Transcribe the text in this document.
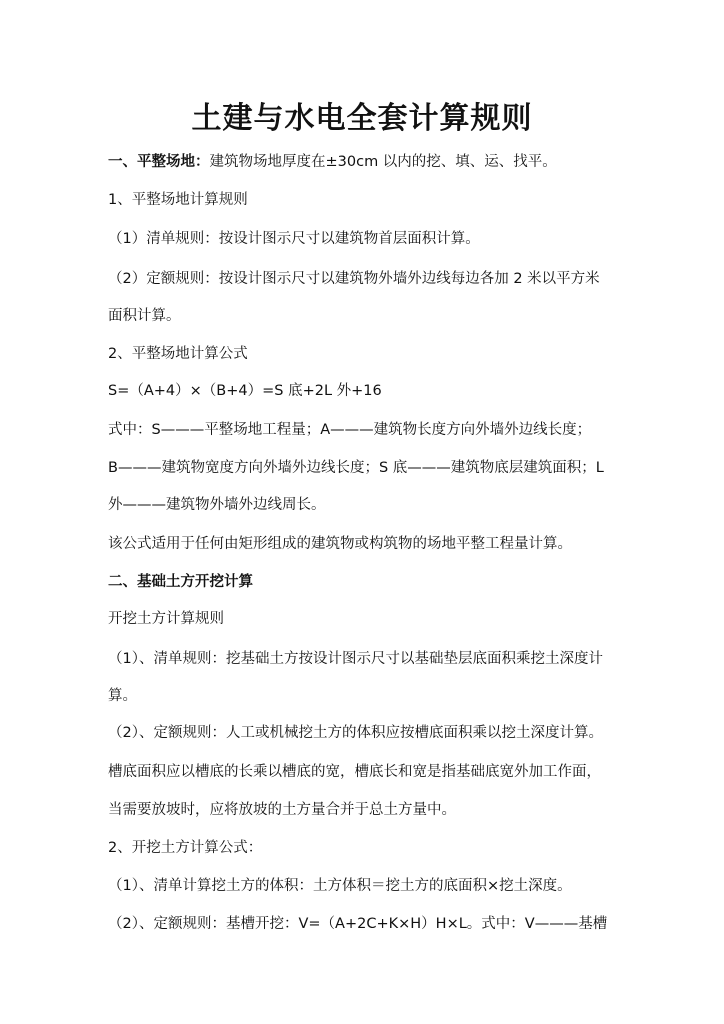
土建与水电全套计算规则

一、平整场地：建筑物场地厚度在±30cm 以内的挖、填、运、找平。

1、平整场地计算规则

（1）清单规则：按设计图示尺寸以建筑物首层面积计算。

（2）定额规则：按设计图示尺寸以建筑物外墙外边线每边各加 2 米以平方米

面积计算。

2、平整场地计算公式

S=（A+4）×（B+4）=S 底+2L 外+16

式中：S———平整场地工程量；A———建筑物长度方向外墙外边线长度；

B———建筑物宽度方向外墙外边线长度；S 底———建筑物底层建筑面积；L

外———建筑物外墙外边线周长。

该公式适用于任何由矩形组成的建筑物或构筑物的场地平整工程量计算。

二、基础土方开挖计算

开挖土方计算规则

（1）、清单规则：挖基础土方按设计图示尺寸以基础垫层底面积乘挖土深度计

算。

（2）、定额规则：人工或机械挖土方的体积应按槽底面积乘以挖土深度计算。

槽底面积应以槽底的长乘以槽底的宽，槽底长和宽是指基础底宽外加工作面，

当需要放坡时，应将放坡的土方量合并于总土方量中。

2、开挖土方计算公式：

（1）、清单计算挖土方的体积：土方体积＝挖土方的底面积×挖土深度。

（2）、定额规则：基槽开挖：V=（A+2C+K×H）H×L。式中：V———基槽
